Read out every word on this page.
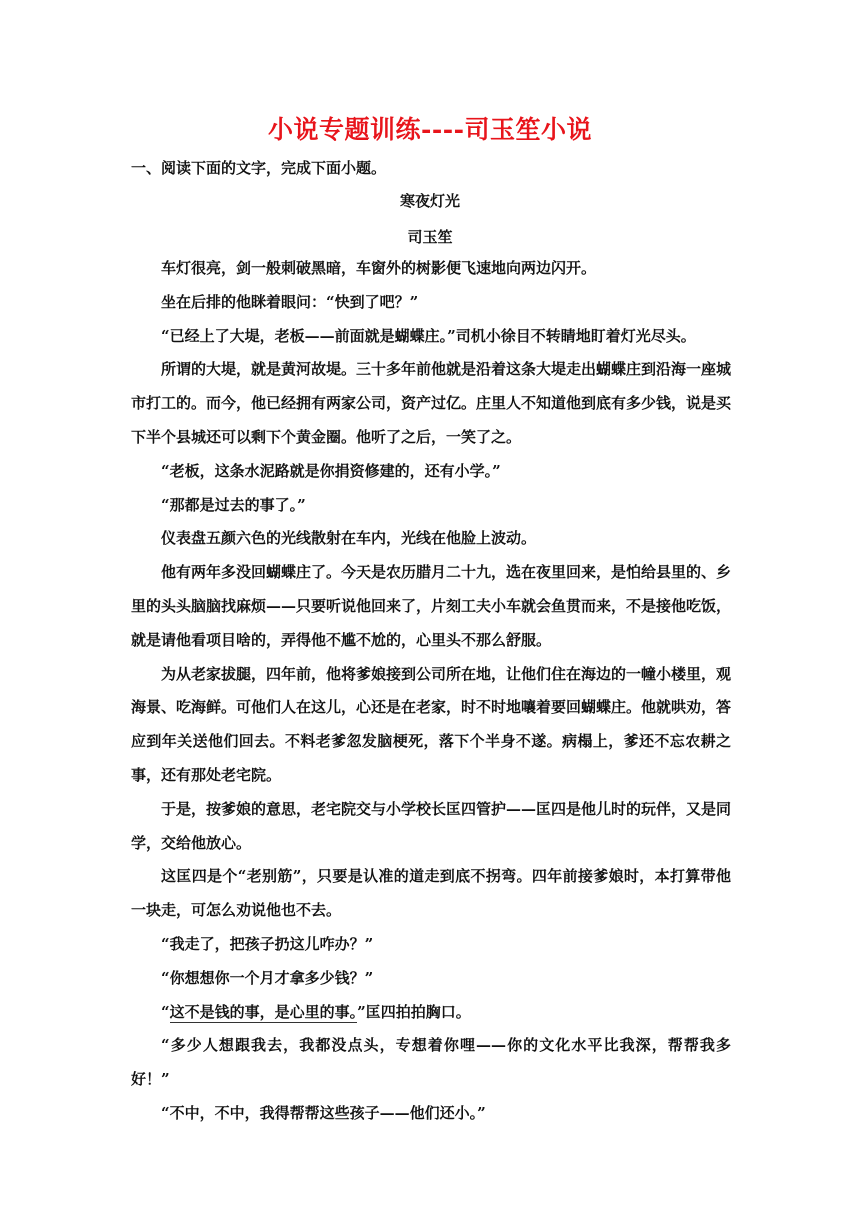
小说专题训练----司玉笙小说
一、阅读下面的文字，完成下面小题。
寒夜灯光
司玉笙

车灯很亮，剑一般刺破黑暗，车窗外的树影便飞速地向两边闪开。

坐在后排的他眯着眼问：“快到了吧？”

“已经上了大堤，老板——前面就是蝴蝶庄。”司机小徐目不转睛地盯着灯光尽头。

所谓的大堤，就是黄河故堤。三十多年前他就是沿着这条大堤走出蝴蝶庄到沿海一座城市打工的。而今，他已经拥有两家公司，资产过亿。庄里人不知道他到底有多少钱，说是买下半个县城还可以剩下个黄金圈。他听了之后，一笑了之。

“老板，这条水泥路就是你捐资修建的，还有小学。”

“那都是过去的事了。”

仪表盘五颜六色的光线散射在车内，光线在他脸上波动。

他有两年多没回蝴蝶庄了。今天是农历腊月二十九，选在夜里回来，是怕给县里的、乡里的头头脑脑找麻烦——只要听说他回来了，片刻工夫小车就会鱼贯而来，不是接他吃饭，就是请他看项目啥的，弄得他不尴不尬的，心里头不那么舒服。

为从老家拔腿，四年前，他将爹娘接到公司所在地，让他们住在海边的一幢小楼里，观海景、吃海鲜。可他们人在这儿，心还是在老家，时不时地嚷着要回蝴蝶庄。他就哄劝，答应到年关送他们回去。不料老爹忽发脑梗死，落下个半身不遂。病榻上，爹还不忘农耕之事，还有那处老宅院。

于是，按爹娘的意思，老宅院交与小学校长匡四管护——匡四是他儿时的玩伴，又是同学，交给他放心。

这匡四是个“老别筋”，只要是认准的道走到底不拐弯。四年前接爹娘时，本打算带他一块走，可怎么劝说他也不去。

“我走了，把孩子扔这儿咋办？”

“你想想你一个月才拿多少钱？”

“这不是钱的事，是心里的事。”匡四拍拍胸口。

“多少人想跟我去，我都没点头，专想着你哩——你的文化水平比我深，帮帮我多好！”

“不中，不中，我得帮帮这些孩子——他们还小。”
